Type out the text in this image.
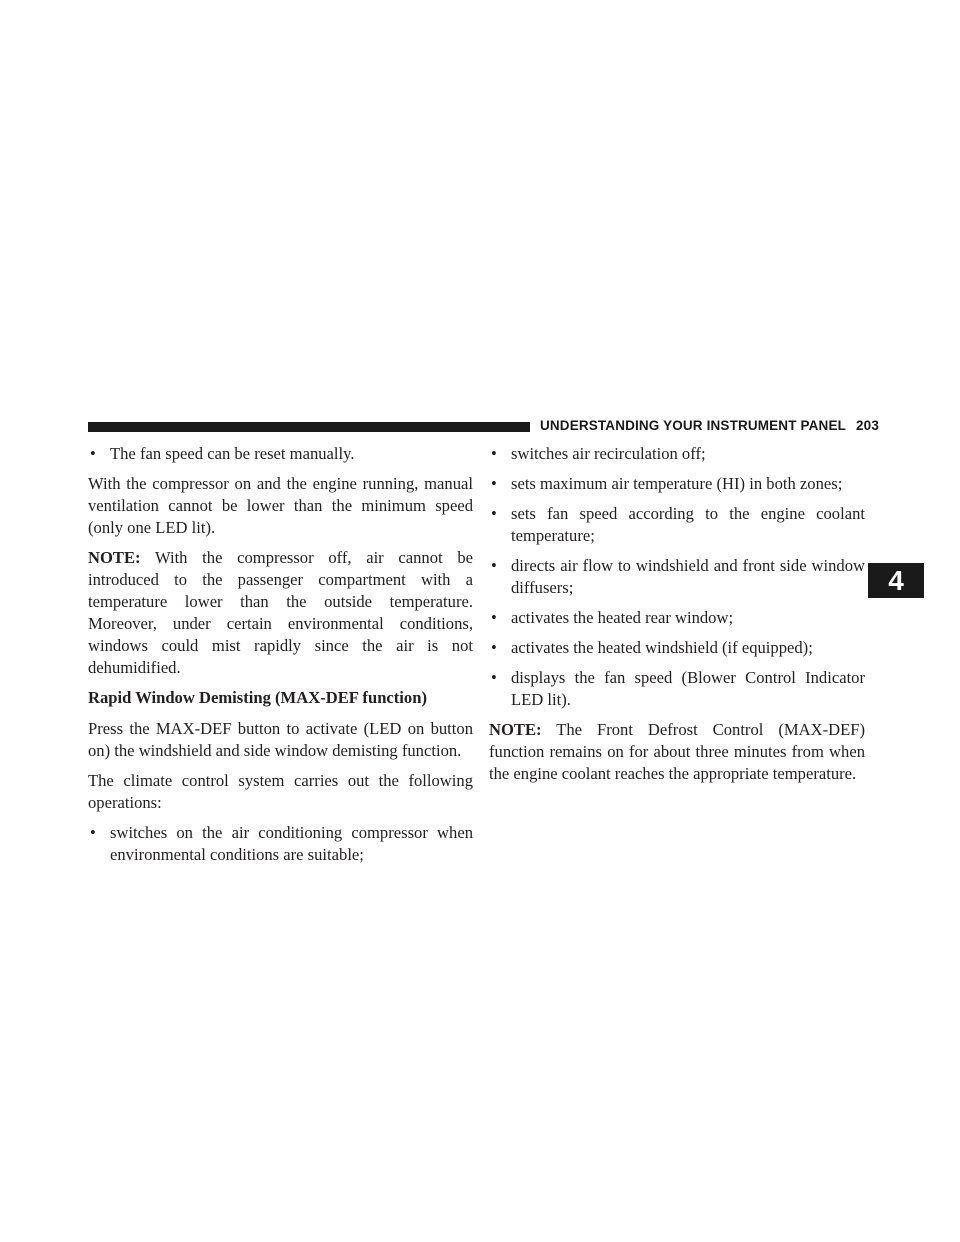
UNDERSTANDING YOUR INSTRUMENT PANEL 203
4
• The fan speed can be reset manually.

With the compressor on and the engine running, manual ventilation cannot be lower than the minimum speed (only one LED lit).

NOTE: With the compressor off, air cannot be introduced to the passenger compartment with a temperature lower than the outside temperature. Moreover, under certain environmental conditions, windows could mist rapidly since the air is not dehumidified.

Rapid Window Demisting (MAX-DEF function)

Press the MAX-DEF button to activate (LED on button on) the windshield and side window demisting function.

The climate control system carries out the following operations:

• switches on the air conditioning compressor when environmental conditions are suitable;
• switches air recirculation off;
• sets maximum air temperature (HI) in both zones;
• sets fan speed according to the engine coolant temperature;
• directs air flow to windshield and front side window diffusers;
• activates the heated rear window;
• activates the heated windshield (if equipped);
• displays the fan speed (Blower Control Indicator LED lit).

NOTE: The Front Defrost Control (MAX-DEF) function remains on for about three minutes from when the engine coolant reaches the appropriate temperature.
